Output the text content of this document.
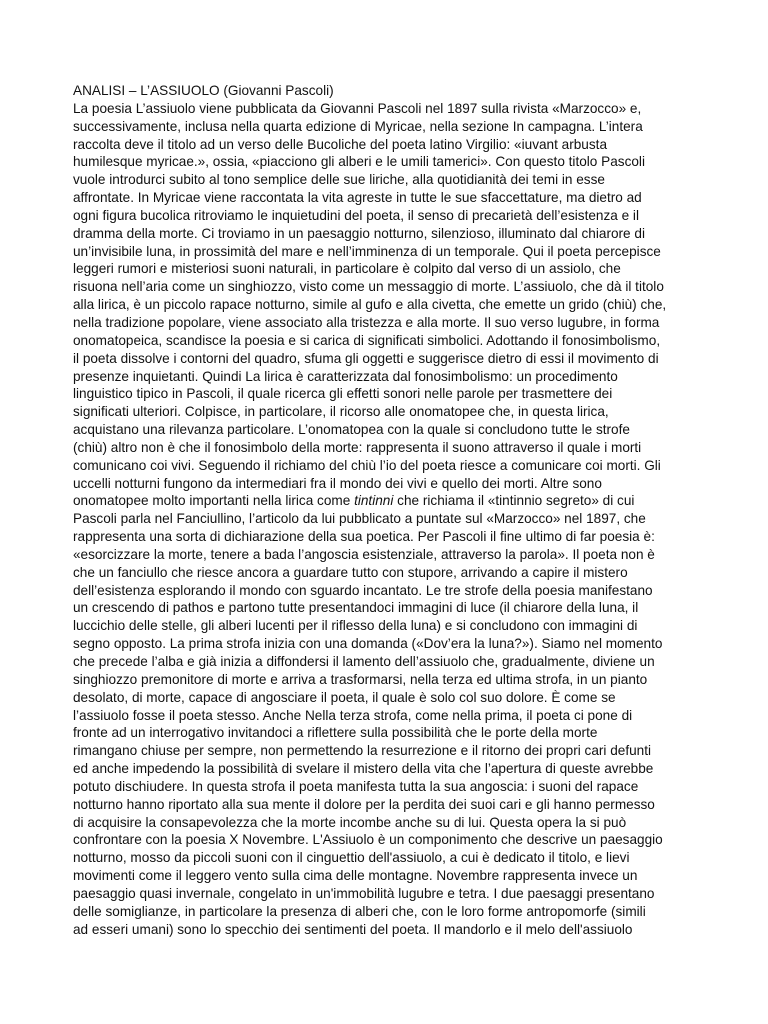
ANALISI – L’ASSIUOLO (Giovanni Pascoli)
La poesia L’assiuolo viene pubblicata da Giovanni Pascoli nel 1897 sulla rivista «Marzocco» e,
successivamente, inclusa nella quarta edizione di Myricae, nella sezione In campagna. L’intera
raccolta deve il titolo ad un verso delle Bucoliche del poeta latino Virgilio: «iuvant arbusta
humilesque myricae.», ossia, «piacciono gli alberi e le umili tamerici». Con questo titolo Pascoli
vuole introdurci subito al tono semplice delle sue liriche, alla quotidianità dei temi in esse
affrontate. In Myricae viene raccontata la vita agreste in tutte le sue sfaccettature, ma dietro ad
ogni figura bucolica ritroviamo le inquietudini del poeta, il senso di precarietà dell’esistenza e il
dramma della morte. Ci troviamo in un paesaggio notturno, silenzioso, illuminato dal chiarore di
un’invisibile luna, in prossimità del mare e nell’imminenza di un temporale. Qui il poeta percepisce
leggeri rumori e misteriosi suoni naturali, in particolare è colpito dal verso di un assiolo, che
risuona nell’aria come un singhiozzo, visto come un messaggio di morte. L’assiuolo, che dà il titolo
alla lirica, è un piccolo rapace notturno, simile al gufo e alla civetta, che emette un grido (chiù) che,
nella tradizione popolare, viene associato alla tristezza e alla morte. Il suo verso lugubre, in forma
onomatopeica, scandisce la poesia e si carica di significati simbolici. Adottando il fonosimbolismo,
il poeta dissolve i contorni del quadro, sfuma gli oggetti e suggerisce dietro di essi il movimento di
presenze inquietanti. Quindi La lirica è caratterizzata dal fonosimbolismo: un procedimento
linguistico tipico in Pascoli, il quale ricerca gli effetti sonori nelle parole per trasmettere dei
significati ulteriori. Colpisce, in particolare, il ricorso alle onomatopee che, in questa lirica,
acquistano una rilevanza particolare. L’onomatopea con la quale si concludono tutte le strofe
(chiù) altro non è che il fonosimbolo della morte: rappresenta il suono attraverso il quale i morti
comunicano coi vivi. Seguendo il richiamo del chiù l’io del poeta riesce a comunicare coi morti. Gli
uccelli notturni fungono da intermediari fra il mondo dei vivi e quello dei morti. Altre sono
onomatopee molto importanti nella lirica come tintinni che richiama il «tintinnio segreto» di cui
Pascoli parla nel Fanciullino, l’articolo da lui pubblicato a puntate sul «Marzocco» nel 1897, che
rappresenta una sorta di dichiarazione della sua poetica. Per Pascoli il fine ultimo di far poesia è:
«esorcizzare la morte, tenere a bada l’angoscia esistenziale, attraverso la parola». Il poeta non è
che un fanciullo che riesce ancora a guardare tutto con stupore, arrivando a capire il mistero
dell’esistenza esplorando il mondo con sguardo incantato. Le tre strofe della poesia manifestano
un crescendo di pathos e partono tutte presentandoci immagini di luce (il chiarore della luna, il
luccichio delle stelle, gli alberi lucenti per il riflesso della luna) e si concludono con immagini di
segno opposto. La prima strofa inizia con una domanda («Dov’era la luna?»). Siamo nel momento
che precede l’alba e già inizia a diffondersi il lamento dell’assiuolo che, gradualmente, diviene un
singhiozzo premonitore di morte e arriva a trasformarsi, nella terza ed ultima strofa, in un pianto
desolato, di morte, capace di angosciare il poeta, il quale è solo col suo dolore. È come se
l’assiuolo fosse il poeta stesso. Anche Nella terza strofa, come nella prima, il poeta ci pone di
fronte ad un interrogativo invitandoci a riflettere sulla possibilità che le porte della morte
rimangano chiuse per sempre, non permettendo la resurrezione e il ritorno dei propri cari defunti
ed anche impedendo la possibilità di svelare il mistero della vita che l’apertura di queste avrebbe
potuto dischiudere. In questa strofa il poeta manifesta tutta la sua angoscia: i suoni del rapace
notturno hanno riportato alla sua mente il dolore per la perdita dei suoi cari e gli hanno permesso
di acquisire la consapevolezza che la morte incombe anche su di lui. Questa opera la si può
confrontare con la poesia X Novembre. L'Assiuolo è un componimento che descrive un paesaggio
notturno, mosso da piccoli suoni con il cinguettio dell'assiuolo, a cui è dedicato il titolo, e lievi
movimenti come il leggero vento sulla cima delle montagne. Novembre rappresenta invece un
paesaggio quasi invernale, congelato in un'immobilità lugubre e tetra. I due paesaggi presentano
delle somiglianze, in particolare la presenza di alberi che, con le loro forme antropomorfe (simili
ad esseri umani) sono lo specchio dei sentimenti del poeta. Il mandorlo e il melo dell'assiuolo
